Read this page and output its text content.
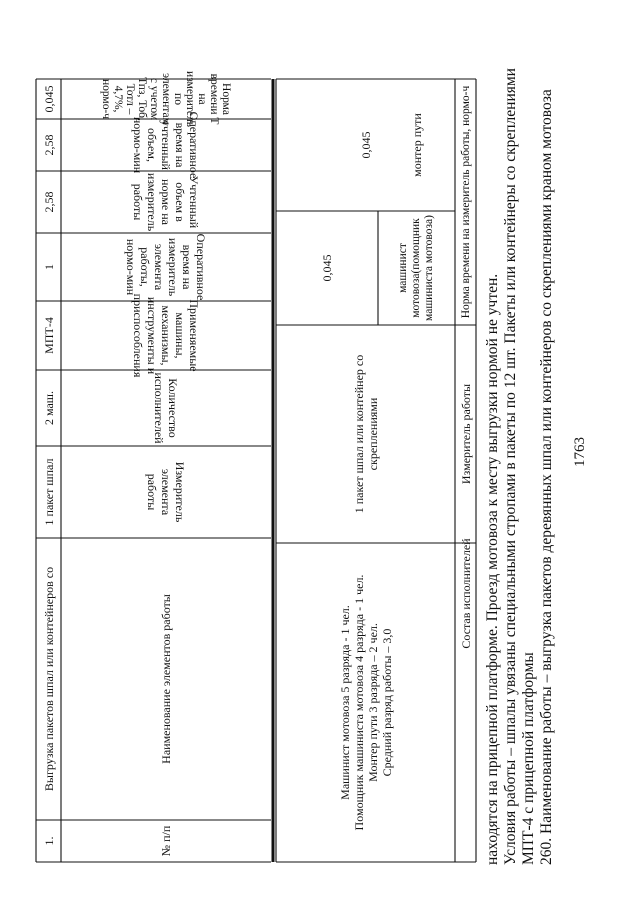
1763
260. Наименование работы – выгрузка пакетов деревянных шпал или контейнеров со скреплениями краном мотовоза
МПТ-4 с прицепной платформы
Условия работы – шпалы увязаны специальными стропами в пакеты по 12 шт. Пакеты или контейнеры со скреплениями
находятся на прицепной платформе. Проезд мотовоза к месту выгрузки нормой не учтен.
Состав исполнителей
Измеритель работы
Норма времени на измеритель работы, нормо-ч
машинист мотовоза(помощник машиниста мотовоза)
монтер пути
Машинист мотовоза 5 разряда - 1 чел. Помощник машиниста мотовоза 4 разряда - 1 чел. Монтер пути 3 разряда – 2 чел. Средний разряд работы – 3,0
1 пакет шпал или контейнер со скреплениями
0,045
0,045
№ п/п
Наименование элементов работы
Измеритель элемента работы
Количество исполнителей
Применяемые машины, механизмы, инструменты и приспособления
Оперативное время на измеритель элемента работы, нормо-мин
Учтенный объем в норме на измеритель работы
Оперативное время на учтенный объем, нормо-мин
Норма времени Т на измеритель по элементам с учетом Тпз, Тоб, Тотл – 4,7%, нормо-ч
1.
Выгрузка пакетов шпал или контейнеров со
1 пакет шпал
2 маш.
МПТ-4
1
2,58
2,58
0,045
